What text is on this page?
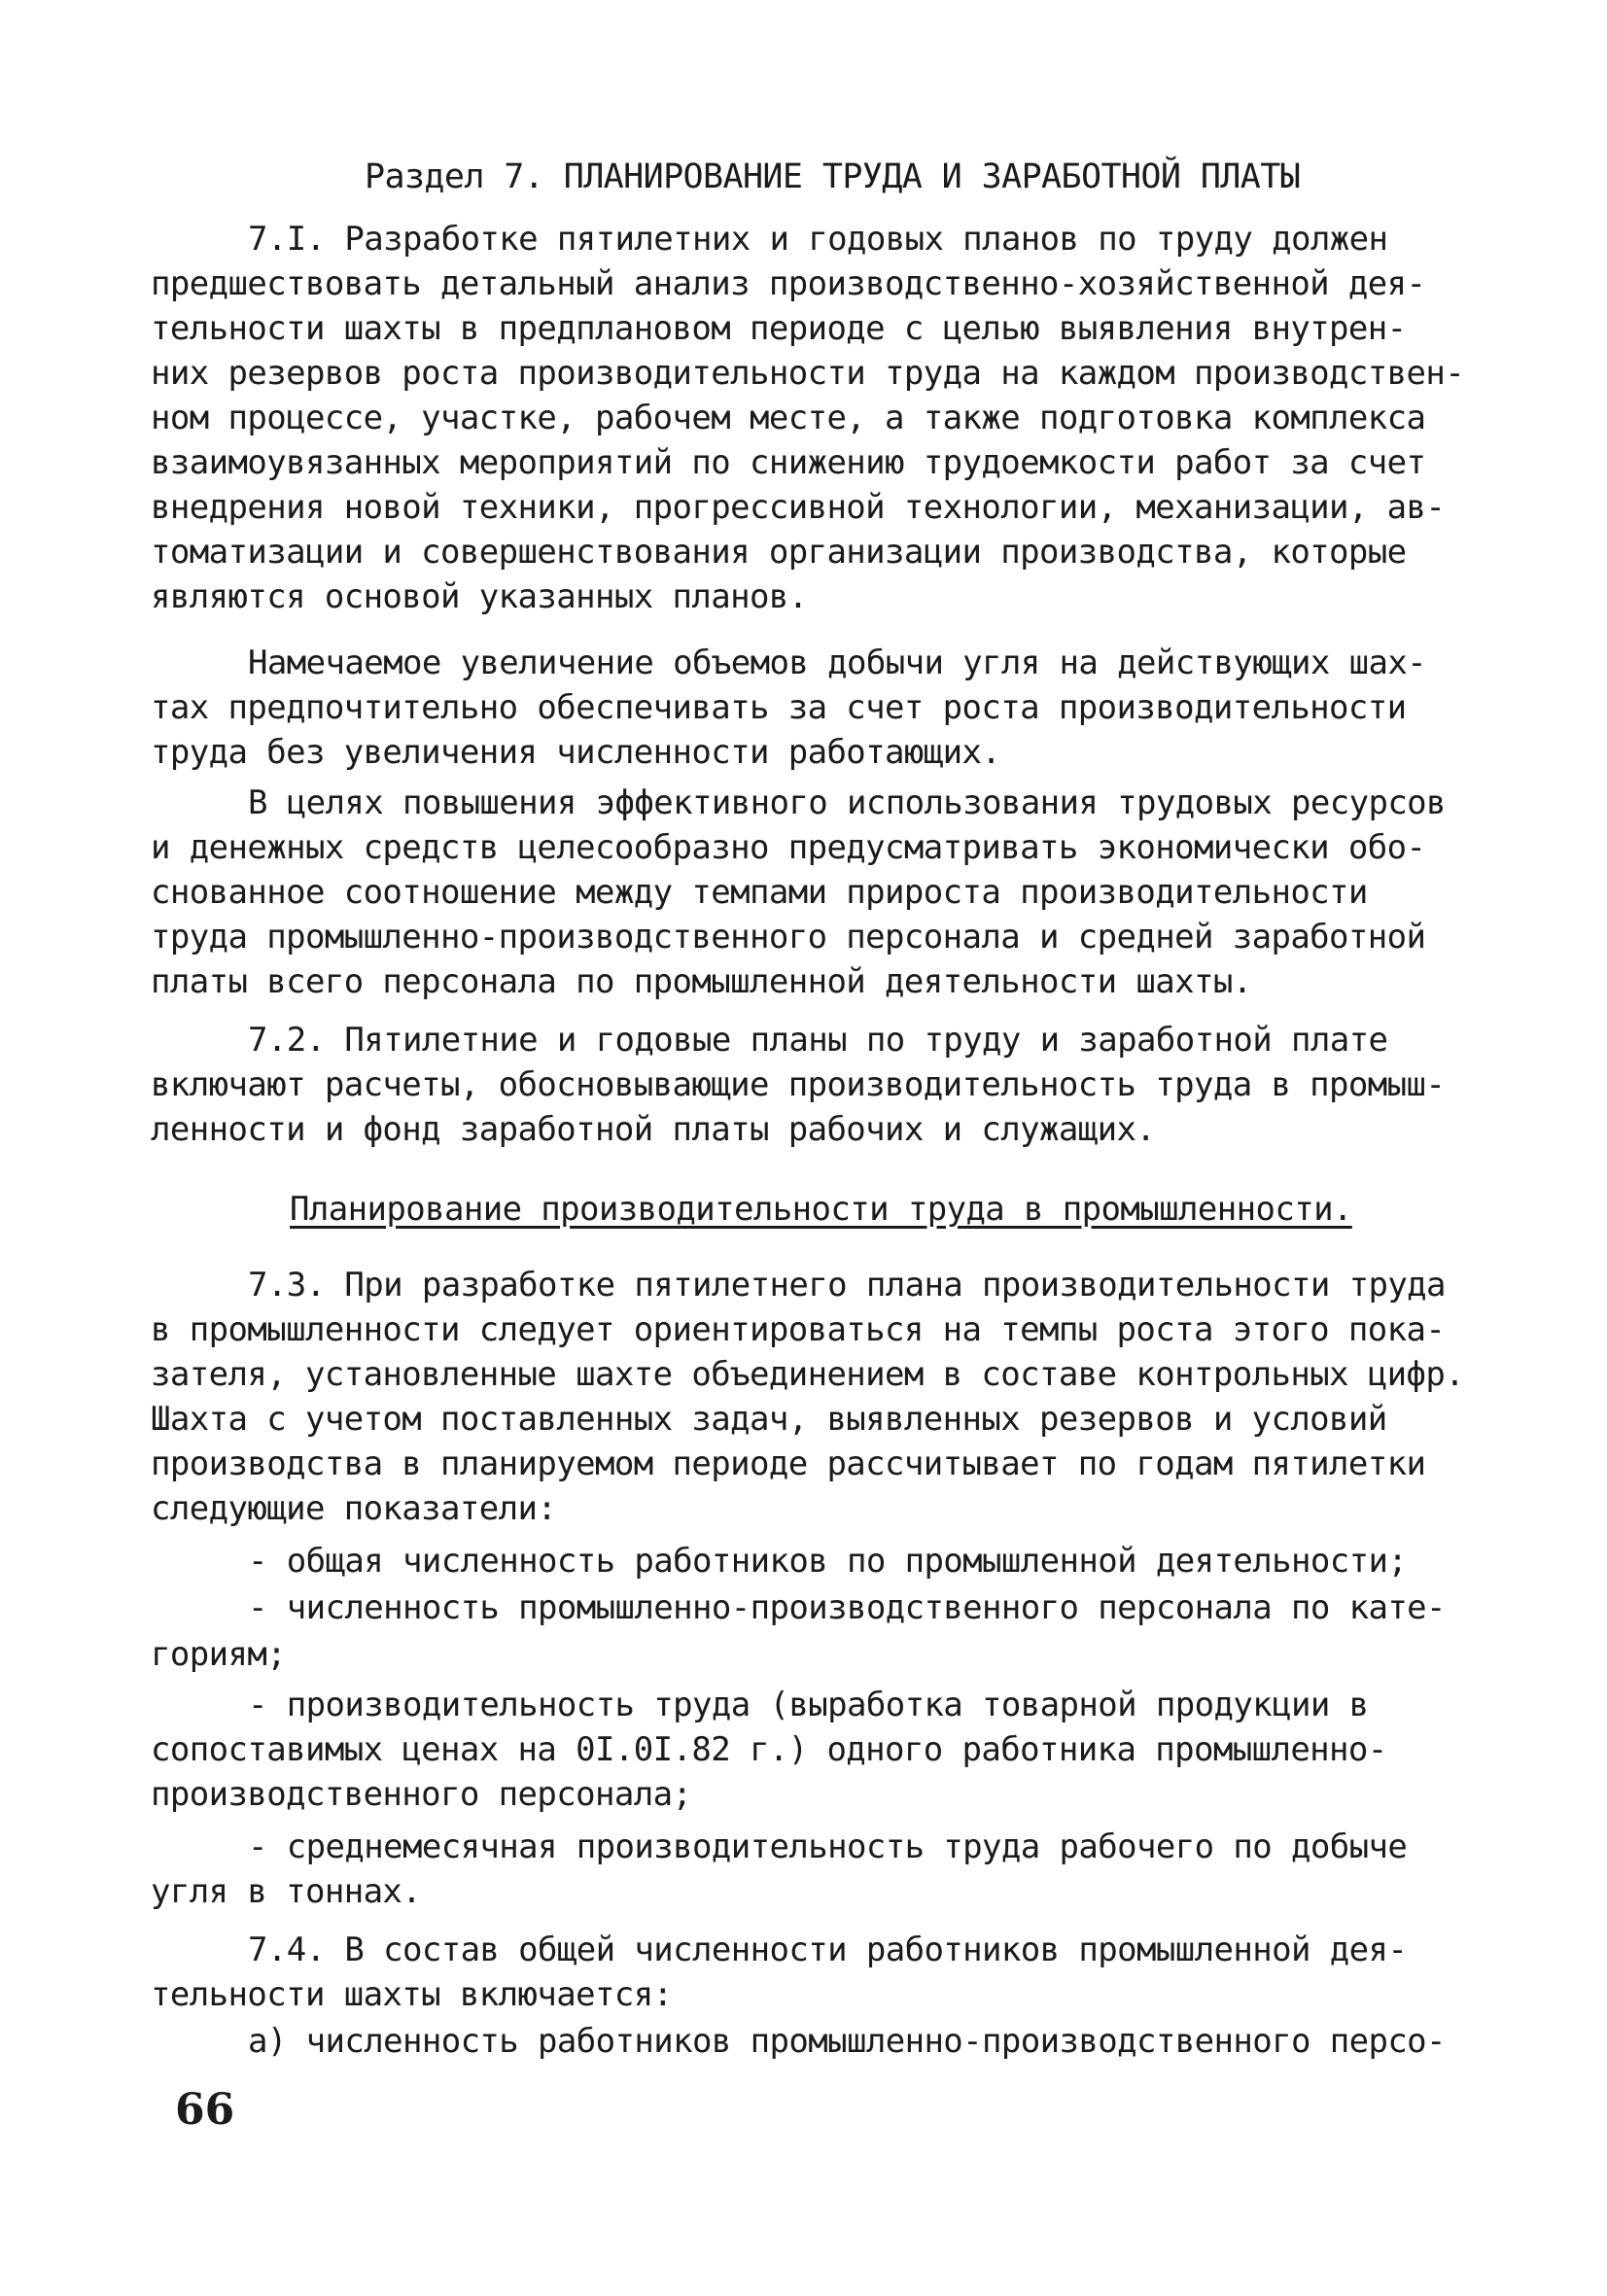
Раздел 7. ПЛАНИРОВАНИЕ ТРУДА И ЗАРАБОТНОЙ ПЛАТЫ
7.I. Разработке пятилетних и годовых планов по труду должен
предшествовать детальный анализ производственно-хозяйственной дея-
тельности шахты в предплановом периоде с целью выявления внутрен-
них резервов роста производительности труда на каждом производствен-
ном процессе, участке, рабочем месте, а также подготовка комплекса
взаимоувязанных мероприятий по снижению трудоемкости работ за счет
внедрения новой техники, прогрессивной технологии, механизации, ав-
томатизации и совершенствования организации производства, которые
являются основой указанных планов.
Намечаемое увеличение объемов добычи угля на действующих шах-
тах предпочтительно обеспечивать за счет роста производительности
труда без увеличения численности работающих.
В целях повышения эффективного использования трудовых ресурсов
и денежных средств целесообразно предусматривать экономически обо-
снованное соотношение между темпами прироста производительности
труда промышленно-производственного персонала и средней заработной
платы всего персонала по промышленной деятельности шахты.
7.2. Пятилетние и годовые планы по труду и заработной плате
включают расчеты, обосновывающие производительность труда в промыш-
ленности и фонд заработной платы рабочих и служащих.
Планирование производительности труда в промышленности.
7.3. При разработке пятилетнего плана производительности труда
в промышленности следует ориентироваться на темпы роста этого пока-
зателя, установленные шахте объединением в составе контрольных цифр.
Шахта с учетом поставленных задач, выявленных резервов и условий
производства в планируемом периоде рассчитывает по годам пятилетки
следующие показатели:
- общая численность работников по промышленной деятельности;
- численность промышленно-производственного персонала по кате-
гориям;
- производительность труда (выработка товарной продукции в
сопоставимых ценах на 0I.0I.82 г.) одного работника промышленно-
производственного персонала;
- среднемесячная производительность труда рабочего по добыче
угля в тоннах.
7.4. В состав общей численности работников промышленной дея-
тельности шахты включается:
а) численность работников промышленно-производственного персо-
66
